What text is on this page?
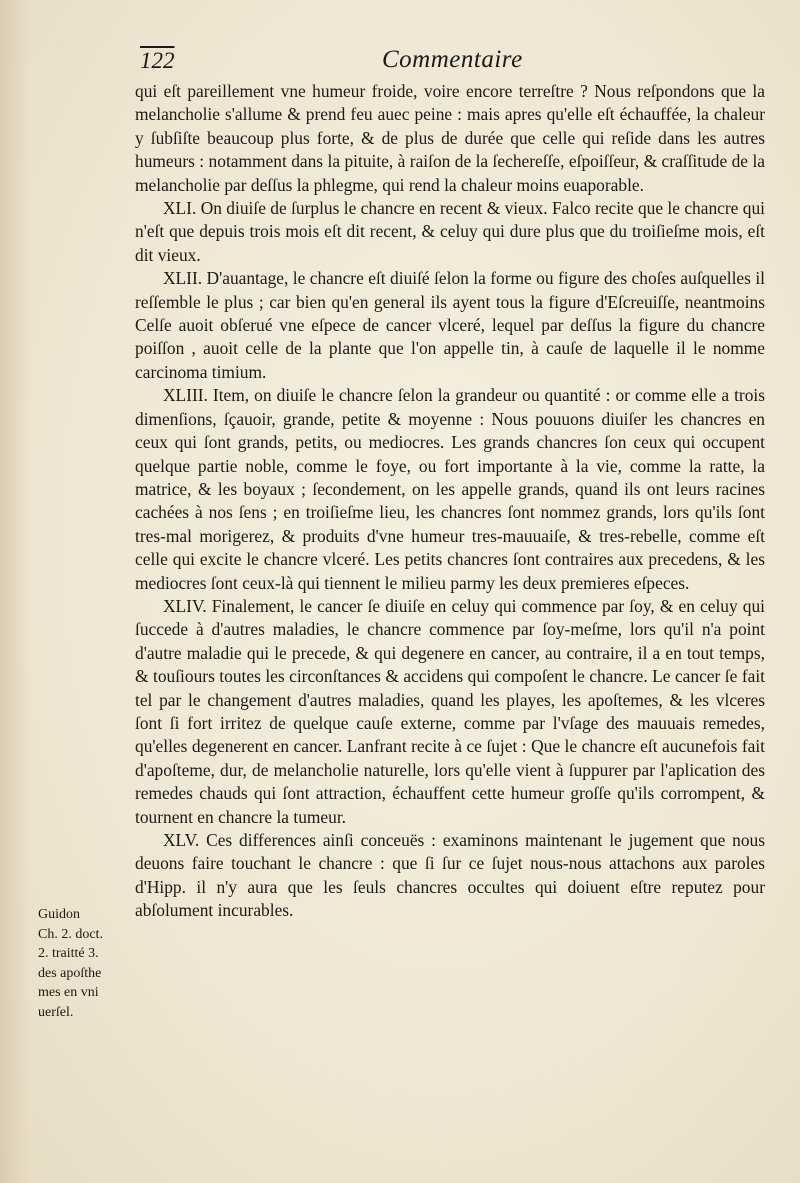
122	Commentaire

qui eſt pareillement vne humeur froide, voire encore terreſtre ? Nous reſpondons que la melancholie s'allume & prend feu auec peine : mais apres qu'elle eſt échauffée, la chaleur y ſubſiſte beaucoup plus forte, & de plus de durée que celle qui reſide dans les autres humeurs : notamment dans la pituite, à raiſon de la ſechereſſe, eſpoiſſeur, & craſſitude de la melancholie par deſſus la phlegme, qui rend la chaleur moins euaporable.

XLI. On diuiſe de ſurplus le chancre en recent & vieux. Falco recite que le chancre qui n'eſt que depuis trois mois eſt dit recent, & celuy qui dure plus que du troiſieſme mois, eſt dit vieux.

XLII. D'auantage, le chancre eſt diuiſé ſelon la forme ou figure des choſes auſquelles il reſſemble le plus ; car bien qu'en general ils ayent tous la figure d'Eſcreuiſſe, neantmoins Celſe auoit obſerué vne eſpece de cancer vlceré, lequel par deſſus la figure du chancre poiſſon , auoit celle de la plante que l'on appelle tin, à cauſe de laquelle il le nomme carcinoma timium.

XLIII. Item, on diuiſe le chancre ſelon la grandeur ou quantité : or comme elle a trois dimenſions, ſçauoir, grande, petite & moyenne : Nous pouuons diuiſer les chancres en ceux qui ſont grands, petits, ou mediocres. Les grands chancres ſon ceux qui occupent quelque partie noble, comme le foye, ou fort importante à la vie, comme la ratte, la matrice, & les boyaux ; ſecondement, on les appelle grands, quand ils ont leurs racines cachées à nos ſens ; en troiſieſme lieu, les chancres ſont nommez grands, lors qu'ils ſont tres-mal morigerez, & produits d'vne humeur tres-mauuaiſe, & tres-rebelle, comme eſt celle qui excite le chancre vlceré. Les petits chancres ſont contraires aux precedens, & les mediocres ſont ceux-là qui tiennent le milieu parmy les deux premieres eſpeces.

XLIV. Finalement, le cancer ſe diuiſe en celuy qui commence par ſoy, & en celuy qui ſuccede à d'autres maladies, le chancre commence par ſoy-meſme, lors qu'il n'a point d'autre maladie qui le precede, & qui degenere en cancer, au contraire, il a en tout temps, & touſiours toutes les circonſtances & accidens qui compoſent le chancre. Le cancer ſe fait tel par le changement d'autres maladies, quand les playes, les apoſtemes, & les vlceres ſont ſi fort irritez de quelque cauſe externe, comme par l'vſage des mauuais remedes, qu'elles degenerent en cancer. Lanfrant recite à ce ſujet : Que le chancre eſt aucunefois fait d'apoſteme, dur, de melancholie naturelle, lors qu'elle vient à ſuppurer par l'aplication des remedes chauds qui ſont attraction, échauffent cette humeur groſſe qu'ils corrompent, & tournent en chancre la tumeur.

XLV. Ces differences ainſi conceuës : examinons maintenant le jugement que nous deuons faire touchant le chancre : que ſi ſur ce ſujet nous-nous attachons aux paroles d'Hipp. il n'y aura que les ſeuls chancres occultes qui doiuent eſtre reputez pour abſolument incurables.

Guidon
Ch. 2. doct.
2. traitté 3.
des apoſthe
mes en vni
uerſel.
